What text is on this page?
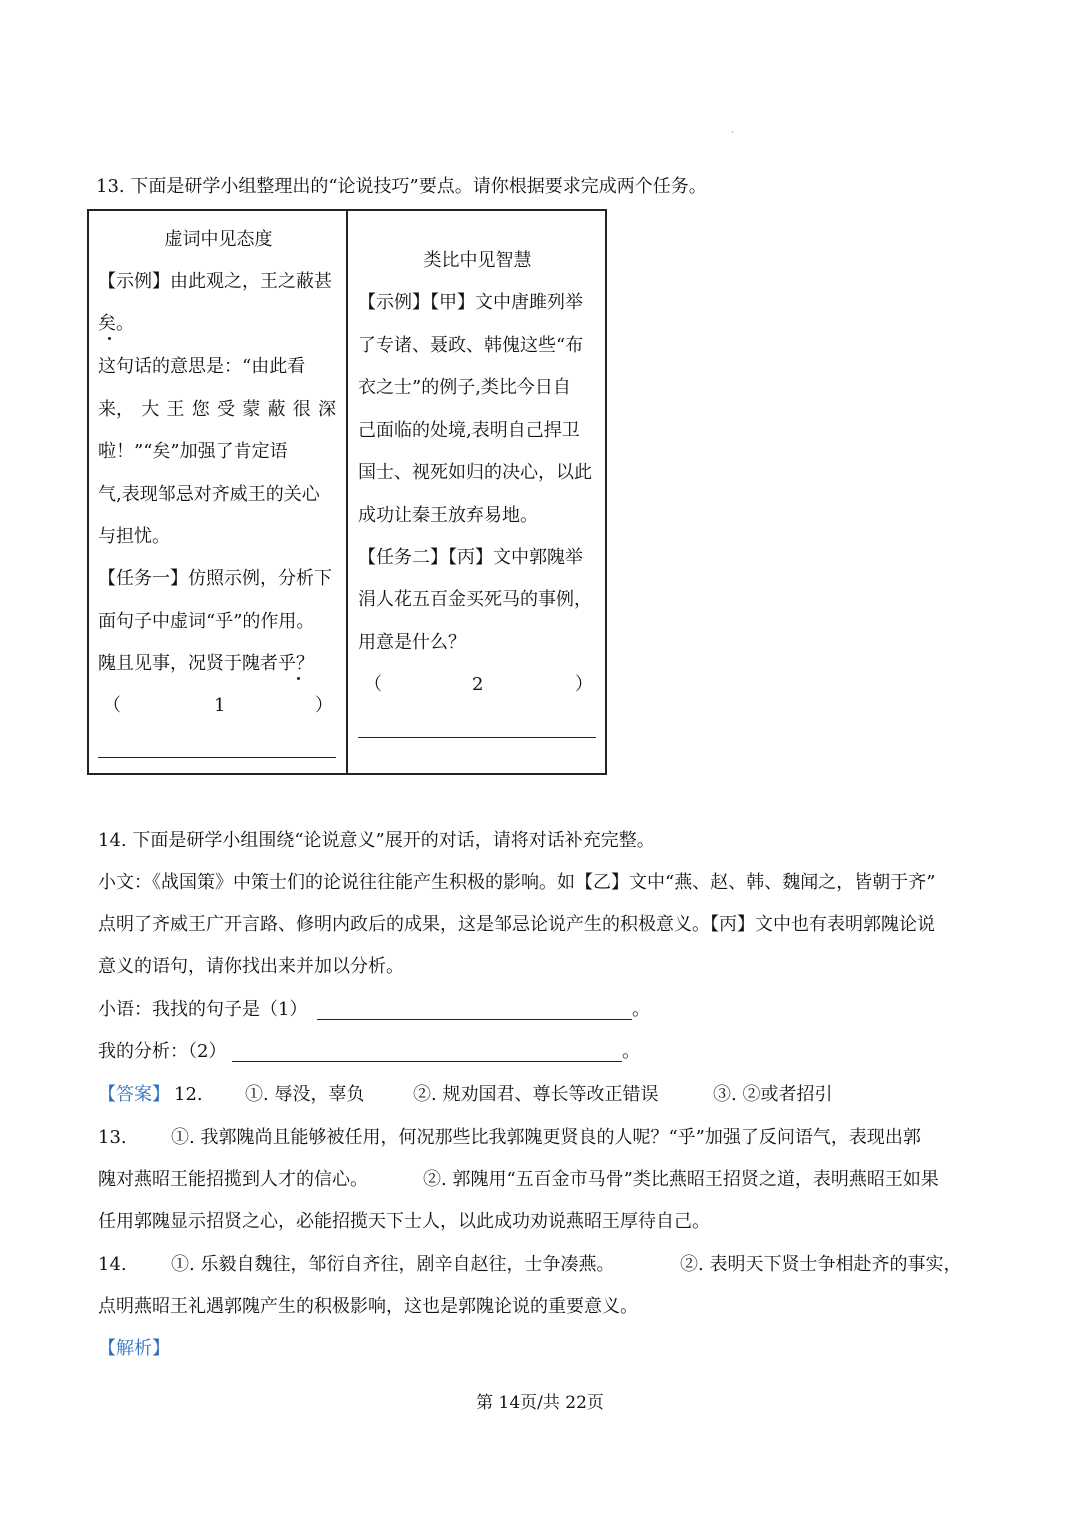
、
13. 下面是研学小组整理出的“论说技巧”要点。请你根据要求完成两个任务。
虚词中见态度
【示例】由此观之，王之蔽甚
矣。
这句话的意思是：“由此看
来， 大 王 您 受 蒙 蔽 很 深
啦！”“矣”加强了肯定语
气,表现邹忌对齐威王的关心
与担忧。
【任务一】仿照示例，分析下
面句子中虚词“乎”的作用。
隗且见事，况贤于隗者乎？
（	1	）

类比中见智慧
【示例】【甲】文中唐雎列举
了专诸、聂政、韩傀这些“布
衣之士”的例子,类比今日自
己面临的处境,表明自己捍卫
国士、视死如归的决心，以此
成功让秦王放弃易地。
【任务二】【丙】文中郭隗举
涓人花五百金买死马的事例，
用意是什么？
（	2	）
14. 下面是研学小组围绕“论说意义”展开的对话，请将对话补充完整。
小文：《战国策》中策士们的论说往往能产生积极的影响。如【乙】文中“燕、赵、韩、魏闻之，皆朝于齐”
点明了齐威王广开言路、修明内政后的成果，这是邹忌论说产生的积极意义。【丙】文中也有表明郭隗论说
意义的语句，请你找出来并加以分析。
小语：我找的句子是（1）	。
我的分析：（2）	。
【答案】 12. ①. 辱没，辜负	②. 规劝国君、尊长等改正错误	③. ②或者招引
13. ①. 我郭隗尚且能够被任用，何况那些比我郭隗更贤良的人呢？“乎”加强了反问语气，表现出郭
隗对燕昭王能招揽到人才的信心。	②. 郭隗用“五百金市马骨”类比燕昭王招贤之道，表明燕昭王如果
任用郭隗显示招贤之心，必能招揽天下士人，以此成功劝说燕昭王厚待自己。
14. ①. 乐毅自魏往，邹衍自齐往，剧辛自赵往，士争凑燕。	②. 表明天下贤士争相赴齐的事实，
点明燕昭王礼遇郭隗产生的积极影响，这也是郭隗论说的重要意义。
【解析】
第 14页/共 22页
